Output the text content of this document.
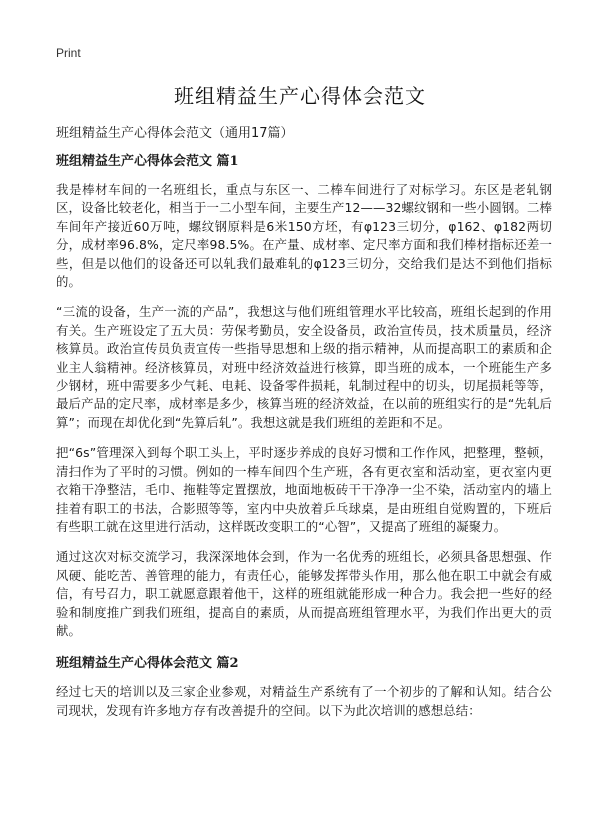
Print
班组精益生产心得体会范文

班组精益生产心得体会范文（通用17篇）

班组精益生产心得体会范文 篇1

我是棒材车间的一名班组长，重点与东区一、二棒车间进行了对标学习。东区是老轧钢区，设备比较老化，相当于一二小型车间，主要生产12——32螺纹钢和一些小圆钢。二棒车间年产接近60万吨，螺纹钢原料是6米150方坯，有φ123三切分，φ162、φ182两切分，成材率96.8%，定尺率98.5%。在产量、成材率、定尺率方面和我们棒材指标还差一些，但是以他们的设备还可以轧我们最难轧的φ123三切分，交给我们是达不到他们指标的。

“三流的设备，生产一流的产品”，我想这与他们班组管理水平比较高，班组长起到的作用有关。生产班设定了五大员：劳保考勤员，安全设备员，政治宣传员，技术质量员，经济核算员。政治宣传员负责宣传一些指导思想和上级的指示精神，从而提高职工的素质和企业主人翁精神。经济核算员，对班中经济效益进行核算，即当班的成本，一个班能生产多少钢材，班中需要多少气耗、电耗、设备零件损耗，轧制过程中的切头，切尾损耗等等，最后产品的定尺率，成材率是多少，核算当班的经济效益，在以前的班组实行的是“先轧后算”；而现在却优化到“先算后轧”。我想这就是我们班组的差距和不足。

把“6s”管理深入到每个职工头上，平时逐步养成的良好习惯和工作作风，把整理，整顿，清扫作为了平时的习惯。例如的一棒车间四个生产班，各有更衣室和活动室，更衣室内更衣箱干净整洁，毛巾、拖鞋等定置摆放，地面地板砖干干净净一尘不染，活动室内的墙上挂着有职工的书法，合影照等等，室内中央放着乒乓球桌，是由班组自觉购置的，下班后有些职工就在这里进行活动，这样既改变职工的“心智”，又提高了班组的凝聚力。

通过这次对标交流学习，我深深地体会到，作为一名优秀的班组长，必须具备思想强、作风硬、能吃苦、善管理的能力，有责任心，能够发挥带头作用，那么他在职工中就会有威信，有号召力，职工就愿意跟着他干，这样的班组就能形成一种合力。我会把一些好的经验和制度推广到我们班组，提高自的素质，从而提高班组管理水平，为我们作出更大的贡献。

班组精益生产心得体会范文 篇2

经过七天的培训以及三家企业参观，对精益生产系统有了一个初步的了解和认知。结合公司现状，发现有许多地方存有改善提升的空间。以下为此次培训的感想总结：
